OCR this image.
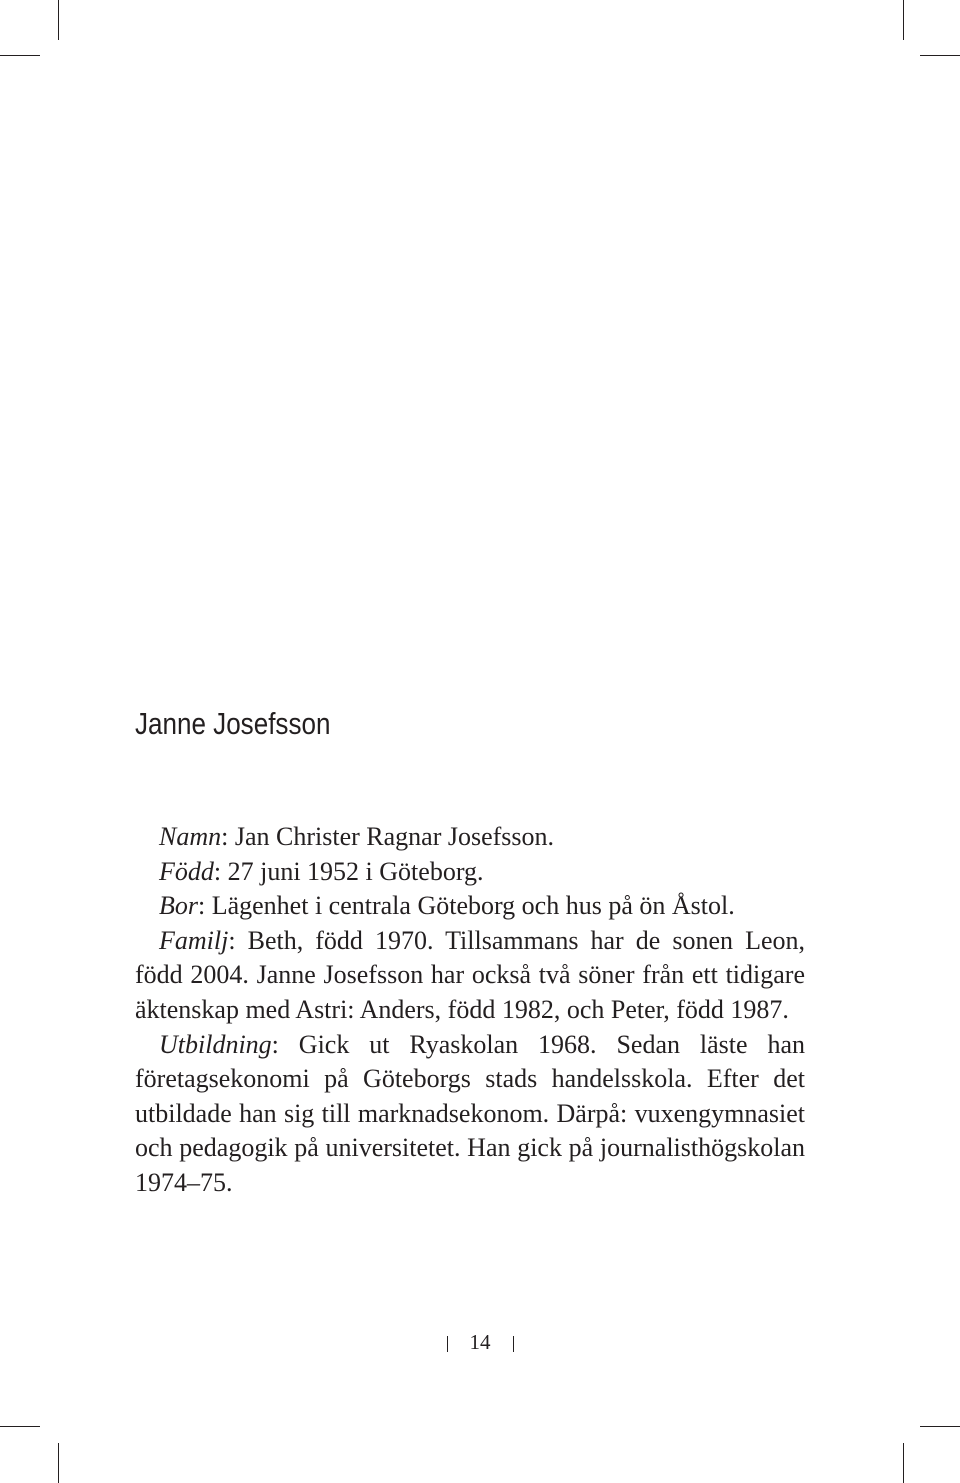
Janne Josefsson

Namn: Jan Christer Ragnar Josefsson.

Född: 27 juni 1952 i Göteborg.

Bor: Lägenhet i centrala Göteborg och hus på ön Åstol.

Familj: Beth, född 1970. Tillsammans har de sonen Leon, född 2004. Janne Josefsson har också två söner från ett tidigare äktenskap med Astri: Anders, född 1982, och Peter, född 1987.

Utbildning: Gick ut Ryaskolan 1968. Sedan läste han företagsekonomi på Göteborgs stads handelsskola. Efter det utbildade han sig till marknadsekonom. Därpå: vuxengymnasiet och pedagogik på universitetet. Han gick på journalisthögskolan 1974–75.

14
